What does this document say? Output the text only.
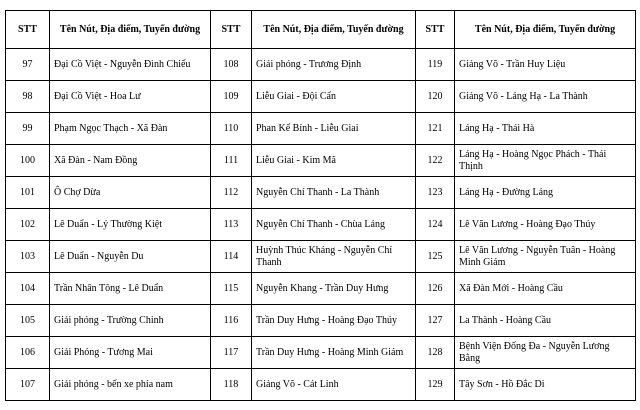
STT	Tên Nút, Địa điểm, Tuyến đường	STT	Tên Nút, Địa điểm, Tuyến đường	STT	Tên Nút, Địa điểm, Tuyến đường
97	Đại Cồ Việt - Nguyễn Đình Chiểu	108	Giải phóng - Trương Định	119	Giảng Võ - Trần Huy Liệu
98	Đại Cồ Việt - Hoa Lư	109	Liễu Giai - Đội Cấn	120	Giảng Võ - Láng Hạ - La Thành
99	Phạm Ngọc Thạch - Xã Đàn	110	Phan Kế Bính - Liễu Giai	121	Láng Hạ - Thái Hà
100	Xã Đàn - Nam Đồng	111	Liễu Giai - Kim Mã	122	Láng Hạ - Hoàng Ngọc Phách - Thái Thịnh
101	Ô Chợ Dừa	112	Nguyễn Chí Thanh - La Thành	123	Láng Hạ - Đường Láng
102	Lê Duẩn - Lý Thường Kiệt	113	Nguyễn Chí Thanh - Chùa Láng	124	Lê Văn Lương - Hoàng Đạo Thúy
103	Lê Duẩn - Nguyễn Du	114	Huỳnh Thúc Kháng - Nguyễn Chí Thanh	125	Lê Văn Lương - Nguyễn Tuân - Hoàng Minh Giám
104	Trần Nhân Tông - Lê Duẩn	115	Nguyễn Khang - Trần Duy Hưng	126	Xã Đàn Mới - Hoàng Cầu
105	Giải phóng - Trường Chinh	116	Trần Duy Hưng - Hoàng Đạo Thúy	127	La Thành - Hoàng Cầu
106	Giải Phóng - Tương Mai	117	Trần Duy Hưng - Hoàng Minh Giám	128	Bệnh Viện Đống Đa - Nguyễn Lương Bằng
107	Giải phóng - bến xe phía nam	118	Giảng Võ - Cát Linh	129	Tây Sơn - Hồ Đắc Di
